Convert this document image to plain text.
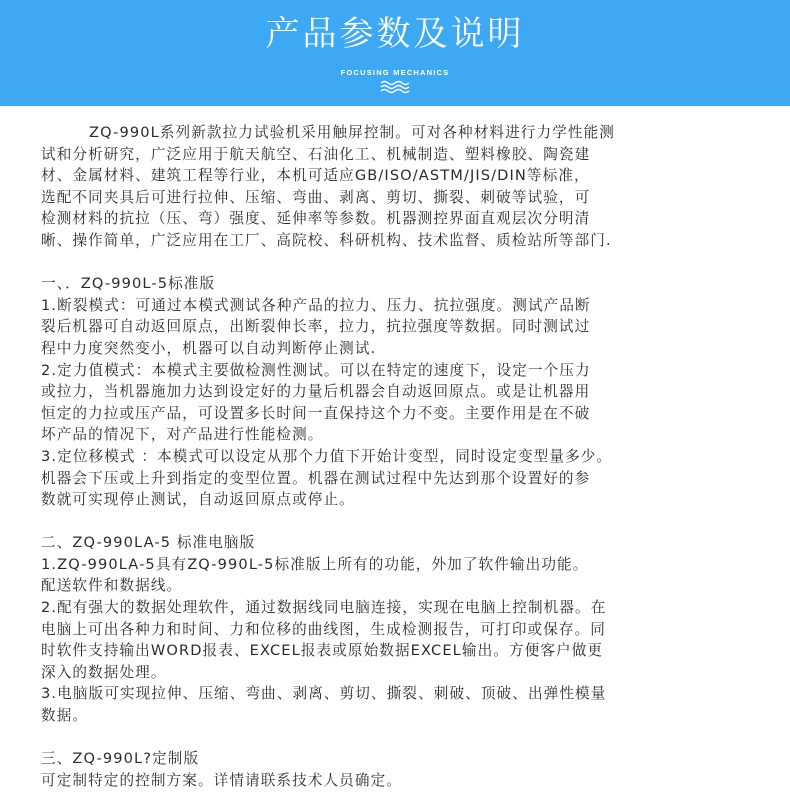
产品参数及说明
FOCUSING MECHANICS
ZQ-990L系列新款拉力试验机采用触屏控制。可对各种材料进行力学性能测
试和分析研究，广泛应用于航天航空、石油化工、机械制造、塑料橡胶、陶瓷建
材、金属材料、建筑工程等行业，本机可适应GB/ISO/ASTM/JIS/DIN等标准，
选配不同夹具后可进行拉伸、压缩、弯曲、剥离、剪切、撕裂、刺破等试验，可
检测材料的抗拉（压、弯）强度、延伸率等参数。机器测控界面直观层次分明清
晰、操作简单，广泛应用在工厂、高院校、科研机构、技术监督、质检站所等部门.
一、．ZQ-990L-5标准版
1.断裂模式：可通过本模式测试各种产品的拉力、压力、抗拉强度。测试产品断
裂后机器可自动返回原点，出断裂伸长率，拉力，抗拉强度等数据。同时测试过
程中力度突然变小，机器可以自动判断停止测试.
2.定力值模式：本模式主要做检测性测试。可以在特定的速度下，设定一个压力
或拉力，当机器施加力达到设定好的力量后机器会自动返回原点。或是让机器用
恒定的力拉或压产品，可设置多长时间一直保持这个力不变。主要作用是在不破
坏产品的情况下，对产品进行性能检测。
3.定位移模式 ：本模式可以设定从那个力值下开始计变型，同时设定变型量多少。
机器会下压或上升到指定的变型位置。机器在测试过程中先达到那个设置好的参
数就可实现停止测试，自动返回原点或停止。
二、ZQ-990LA-5 标准电脑版
1.ZQ-990LA-5具有ZQ-990L-5标准版上所有的功能，外加了软件输出功能。
配送软件和数据线。
2.配有强大的数据处理软件，通过数据线同电脑连接，实现在电脑上控制机器。在
电脑上可出各种力和时间、力和位移的曲线图，生成检测报告，可打印或保存。同
时软件支持输出WORD报表、EXCEL报表或原始数据EXCEL输出。方便客户做更
深入的数据处理。
3.电脑版可实现拉伸、压缩、弯曲、剥离、剪切、撕裂、刺破、顶破、出弹性模量
数据。
三、ZQ-990L?定制版
可定制特定的控制方案。详情请联系技术人员确定。
